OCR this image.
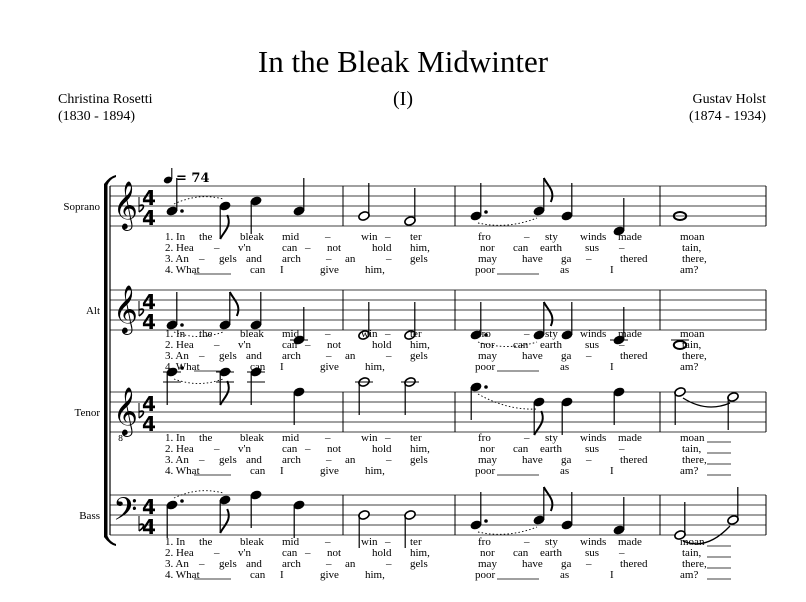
= 74
𝄞
Soprano 4
4
𝄞
Alt 4
4
𝄞
8
Tenor 4
4
𝄢
Bass 4
4
1. In the	bleak mid –	win – ter	fro	– sty winds made	moan
2. Hea – v'n	can – not	hold him,	nor can earth sus –	tain,
3. An – gels and arch – an	– gels	may have ga –	thered	there,
4. What	can I	give him,	poor	as	I	am?
1. In the	bleak mid –	win – ter	fro	– sty winds made	moan
2. Hea – v'n	can – not	hold him,	nor can earth sus –	tain,
3. An – gels and arch – an	– gels	may have ga –	thered	there,
4. What	can I	give him,	poor	as	I	am?
1. In the	bleak mid –	win – ter	fro	– sty winds made	moan
2. Hea – v'n	can – not	hold him,	nor can earth sus –	tain,
3. An – gels and arch – an	– gels	may have ga –	thered	there,
4. What	can I	give him,	poor	as	I	am?
1. In the	bleak mid –	win – ter	fro	– sty winds made	moan
2. Hea – v'n	can – not	hold him,	nor can earth sus –	tain,
3. An – gels and arch – an	– gels	may have ga –	thered	there,
4. What	can I	give him,	poor	as	I	am?
In the Bleak Midwinter
(I)
Christina Rosetti
(1830 - 1894)
Gustav Holst
(1874 - 1934)
